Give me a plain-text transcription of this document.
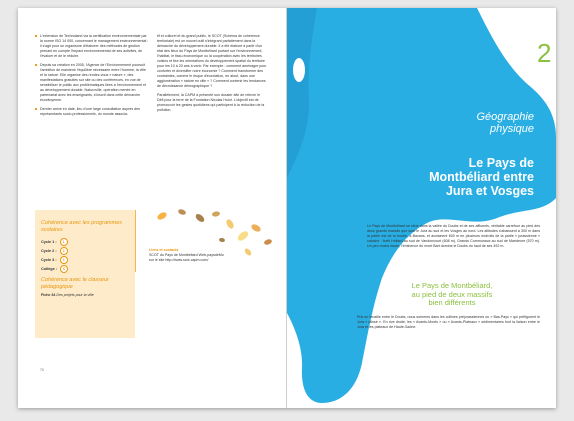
L'extension de Technoland via la certification environnementale par la norme ISO 14 000, concernant le management environnemental : il s'agit pour un organisme d'élaborer des méthodes de gestion prenant en compte l'impact environnemental de ses activités, de l'évaluer et de le réduire.

Depuis sa création en 2005, l'Agence de l'Environnement poursuit l'ambition de maintenir l'équilibre nécessaire entre l'homme, la ville et la nature. Elle organise des rendez-vous « nature », des manifestations gratuites sur site ou des conférences, en vue de sensibiliser le public aux problématiques liées à l'environnement et au développement durable. Naturoville, opération menée en partenariat avec les enseignants, s'inscrit dans cette démarche écocitoyenne.

Dernier arrivé en date, lieu d'une large consultation auprès des représentants socio-professionnels, du monde associa-

tif et culturel et du grand public, le SCOT (Schéma de cohérence territoriale) est un nouvel outil s'intégrant parfaitement dans la démarche du développement durable. Il a été élaboré à partir d'un état des lieux du Pays de Montbéliard portant sur l'environnement, l'habitat, le tissu économique ou la coopération avec les territoires voisins et fixe les orientations du développement spatial du territoire pour les 10 à 20 ans à venir. Par exemple : comment aménager pour conforter et diversifier notre économie ? Comment transformer des contraintes, comme le risque d'inondation, en atout, dans une agglomération « nature en ville » ? Comment contenir les tendances de décroissance démographique ?

Parallèlement, la CAPM a présenté son dossier afin de relever le Défi pour la terre de la Fondation Nicolas Hulot. L'objectif est de promouvoir les gestes quotidiens qui participent à la réduction de la pollution.

Cohérence avec les programmes scolaires

Cycle 1 :	1
Cycle 2 :	2
Cycle 3 :	3
Collège :	C

Cohérence avec le classeur pédagogique

Fiche 34 Des projets pour la ville
Liens et contacts
SCOT du Pays de Montbéliard Web-paysdeMo
sur le site http://www.scot-capm.com/
70
2
Géographie
physique
Le Pays de
Montbéliard entre
Jura et Vosges
Le Pays de Montbéliard se situe dans la vallée du Doubs et de ses affluents, véritable carrefour au pied des deux grands massifs que sont le Jura au sud et les Vosges au nord. Les altitudes s'abaissent à 300 m dans la partie est de la trouée, à Bavans, et avoisinent 600 m en plusieurs endroits de la partie « jurassienne » calcaire : forêt Hollard au sud de Vandoncourt (608 m), Grands Communaux au sud de Mandeure (570 m). Un peu moins haute, l'éminence du mont Bart domine le Doubs du haut de ses 492 m.
Le Pays de Montbéliard,
au pied de deux massifs
bien différents
Pris en tenaille entre le Doubs, nous sommes dans les collines préjurassiennes ou « Bas-Pays » qui préfigurent le Jura « plissé ». En rive droite, les « Avants-Monts » ou « Avants-Plateaux » sédimentaires font la liaison entre le Jura et les plateaux de Haute-Saône.
